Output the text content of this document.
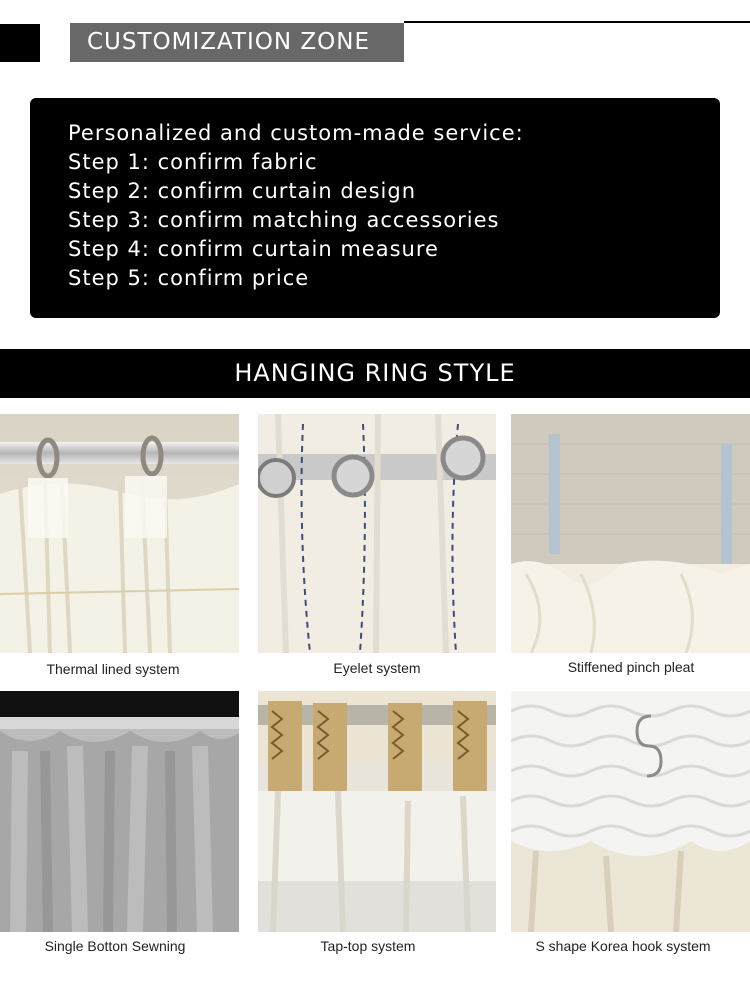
CUSTOMIZATION ZONE
Personalized and custom-made service:
Step 1: confirm fabric
Step 2: confirm curtain design
Step 3: confirm matching accessories
Step 4: confirm curtain measure
Step 5: confirm price
HANGING RING STYLE
Thermal lined system	Eyelet system	Stiffened pinch pleat
Single Botton Sewning	Tap-top system	S shape Korea hook system
